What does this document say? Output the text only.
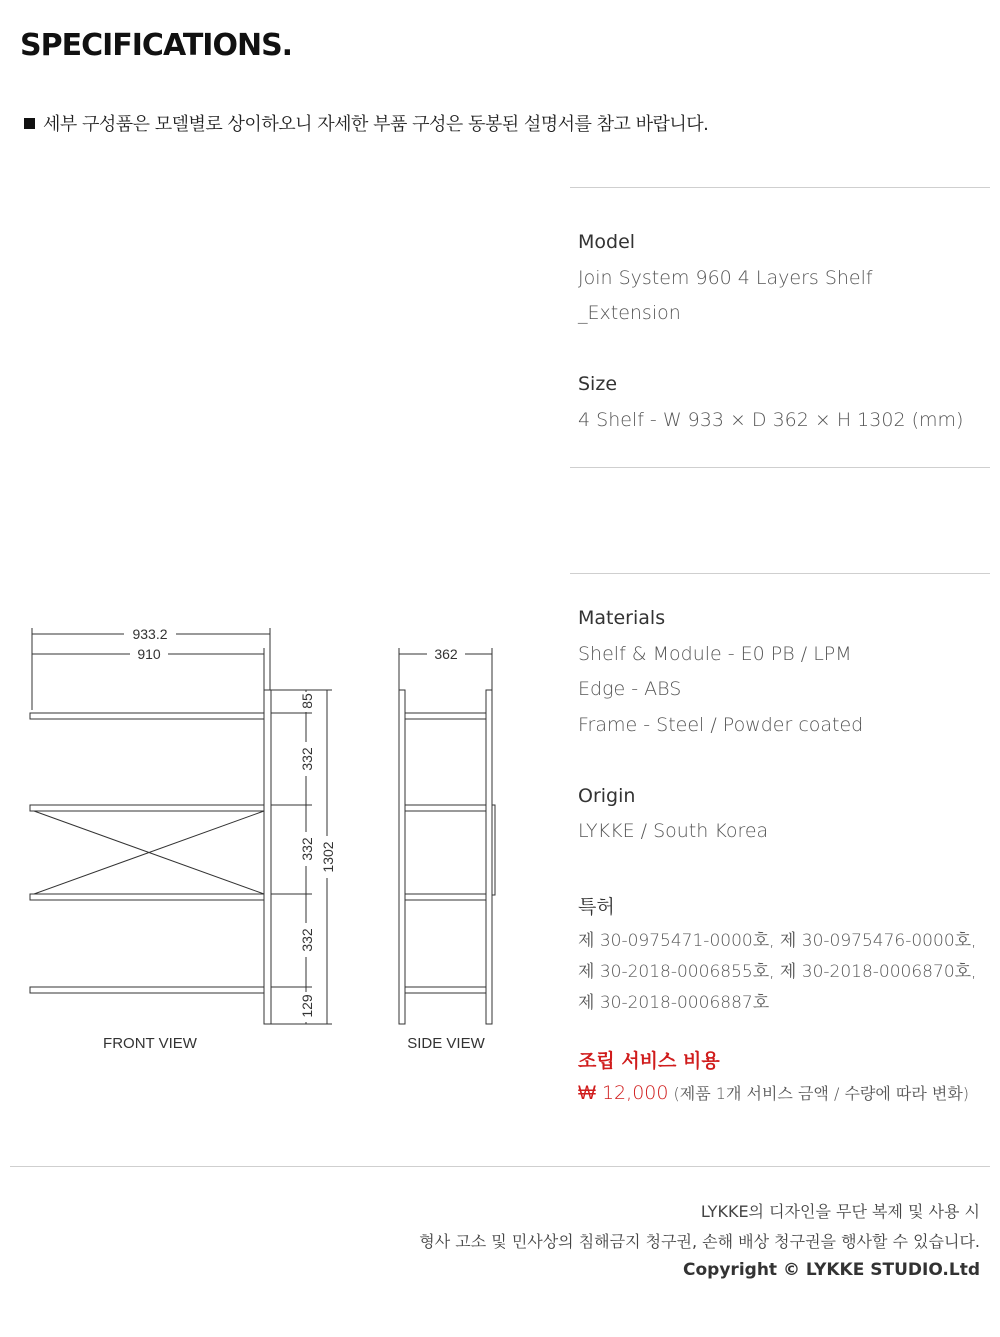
SPECIFICATIONS.
세부 구성품은 모델별로 상이하오니 자세한 부품 구성은 동봉된 설명서를 참고 바랍니다.
Model
Join System 960 4 Layers Shelf
_Extension
Size
4 Shelf - W 933 × D 362 × H 1302 (mm)
Materials
Shelf & Module - E0 PB / LPM
Edge - ABS
Frame - Steel / Powder coated
Origin
LYKKE / South Korea
특허
제 30-0975471-0000호, 제 30-0975476-0000호,
제 30-2018-0006855호, 제 30-2018-0006870호,
제 30-2018-0006887호
조립 서비스 비용
₩ 12,000 (제품 1개 서비스 금액 / 수량에 따라 변화)
933.2
910
85
332
332
332
129
1302
FRONT VIEW
362
SIDE VIEW
LYKKE의 디자인을 무단 복제 및 사용 시
형사 고소 및 민사상의 침해금지 청구권, 손해 배상 청구권을 행사할 수 있습니다.
Copyright © LYKKE STUDIO.Ltd
